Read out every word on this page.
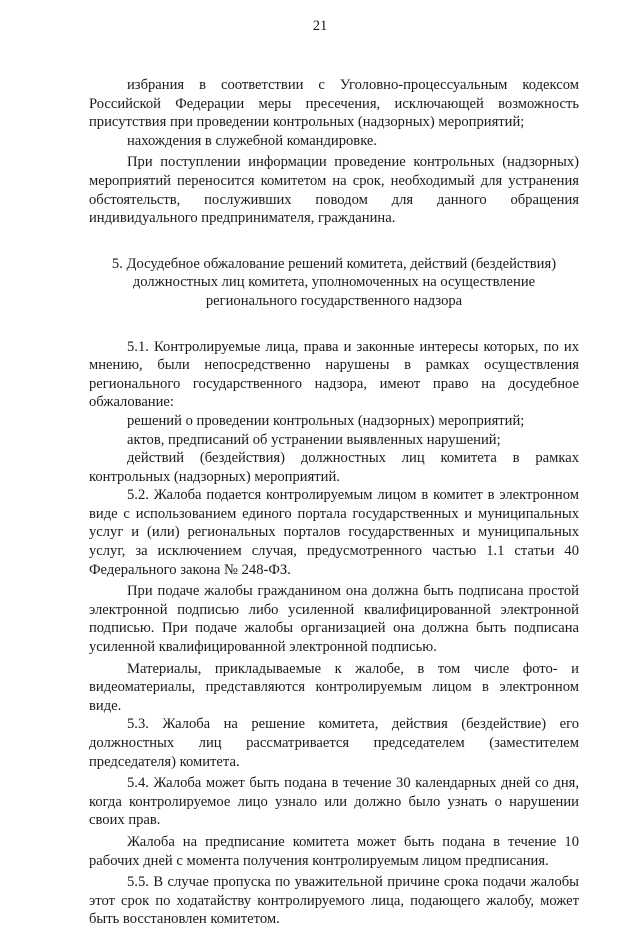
21

избрания в соответствии с Уголовно-процессуальным кодексом Российской Федерации меры пресечения, исключающей возможность присутствия при проведении контрольных (надзорных) мероприятий;

нахождения в служебной командировке.

При поступлении информации проведение контрольных (надзорных) мероприятий переносится комитетом на срок, необходимый для устранения обстоятельств, послуживших поводом для данного обращения индивидуального предпринимателя, гражданина.

5. Досудебное обжалование решений комитета, действий (бездействия)
должностных лиц комитета, уполномоченных на осуществление
регионального государственного надзора

5.1. Контролируемые лица, права и законные интересы которых, по их мнению, были непосредственно нарушены в рамках осуществления регионального государственного надзора, имеют право на досудебное обжалование:

решений о проведении контрольных (надзорных) мероприятий;

актов, предписаний об устранении выявленных нарушений;

действий (бездействия) должностных лиц комитета в рамках контрольных (надзорных) мероприятий.

5.2. Жалоба подается контролируемым лицом в комитет в электронном виде с использованием единого портала государственных и муниципальных услуг и (или) региональных порталов государственных и муниципальных услуг, за исключением случая, предусмотренного частью 1.1 статьи 40 Федерального закона № 248-ФЗ.

При подаче жалобы гражданином она должна быть подписана простой электронной подписью либо усиленной квалифицированной электронной подписью. При подаче жалобы организацией она должна быть подписана усиленной квалифицированной электронной подписью.

Материалы, прикладываемые к жалобе, в том числе фото- и видеоматериалы, представляются контролируемым лицом в электронном виде.

5.3. Жалоба на решение комитета, действия (бездействие) его должностных лиц рассматривается председателем (заместителем председателя) комитета.

5.4. Жалоба может быть подана в течение 30 календарных дней со дня, когда контролируемое лицо узнало или должно было узнать о нарушении своих прав.

Жалоба на предписание комитета может быть подана в течение 10 рабочих дней с момента получения контролируемым лицом предписания.

5.5. В случае пропуска по уважительной причине срока подачи жалобы этот срок по ходатайству контролируемого лица, подающего жалобу, может быть восстановлен комитетом.
